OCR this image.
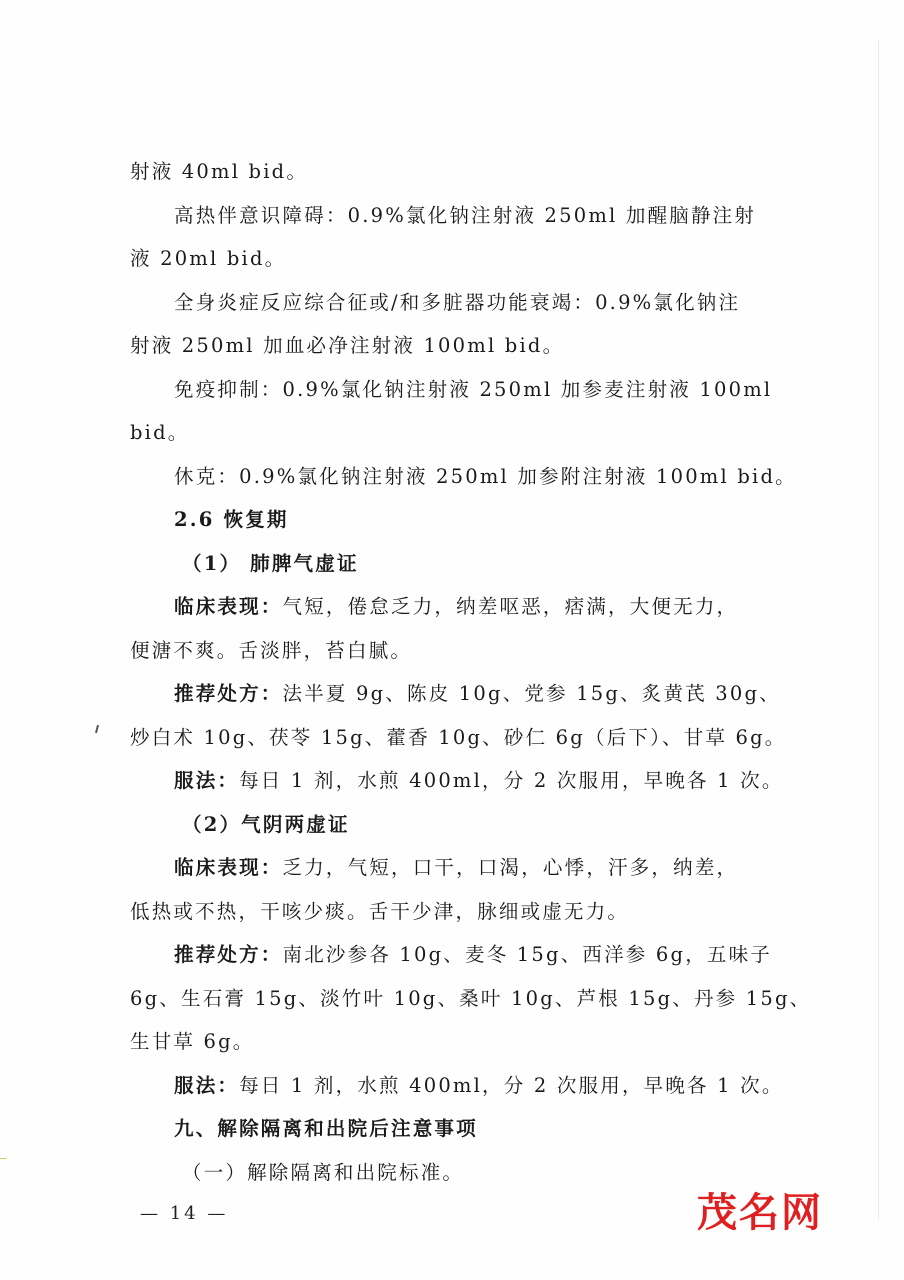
射液 40ml bid。
高热伴意识障碍：0.9%氯化钠注射液 250ml 加醒脑静注射
液 20ml bid。
全身炎症反应综合征或/和多脏器功能衰竭：0.9%氯化钠注
射液 250ml 加血必净注射液 100ml bid。
免疫抑制：0.9%氯化钠注射液 250ml 加参麦注射液 100ml
bid。
休克：0.9%氯化钠注射液 250ml 加参附注射液 100ml bid。
2.6 恢复期
（1） 肺脾气虚证
临床表现：气短，倦怠乏力，纳差呕恶，痞满，大便无力，
便溏不爽。舌淡胖，苔白腻。
推荐处方：法半夏 9g、陈皮 10g、党参 15g、炙黄芪 30g、
炒白术 10g、茯苓 15g、藿香 10g、砂仁 6g（后下）、甘草 6g。
服法：每日 1 剂，水煎 400ml，分 2 次服用，早晚各 1 次。
（2）气阴两虚证
临床表现：乏力，气短，口干，口渴，心悸，汗多，纳差，
低热或不热，干咳少痰。舌干少津，脉细或虚无力。
推荐处方：南北沙参各 10g、麦冬 15g、西洋参 6g，五味子
6g、生石膏 15g、淡竹叶 10g、桑叶 10g、芦根 15g、丹参 15g、
生甘草 6g。
服法：每日 1 剂，水煎 400ml，分 2 次服用，早晚各 1 次。
九、解除隔离和出院后注意事项
（一）解除隔离和出院标准。
— 14 —	茂名网
